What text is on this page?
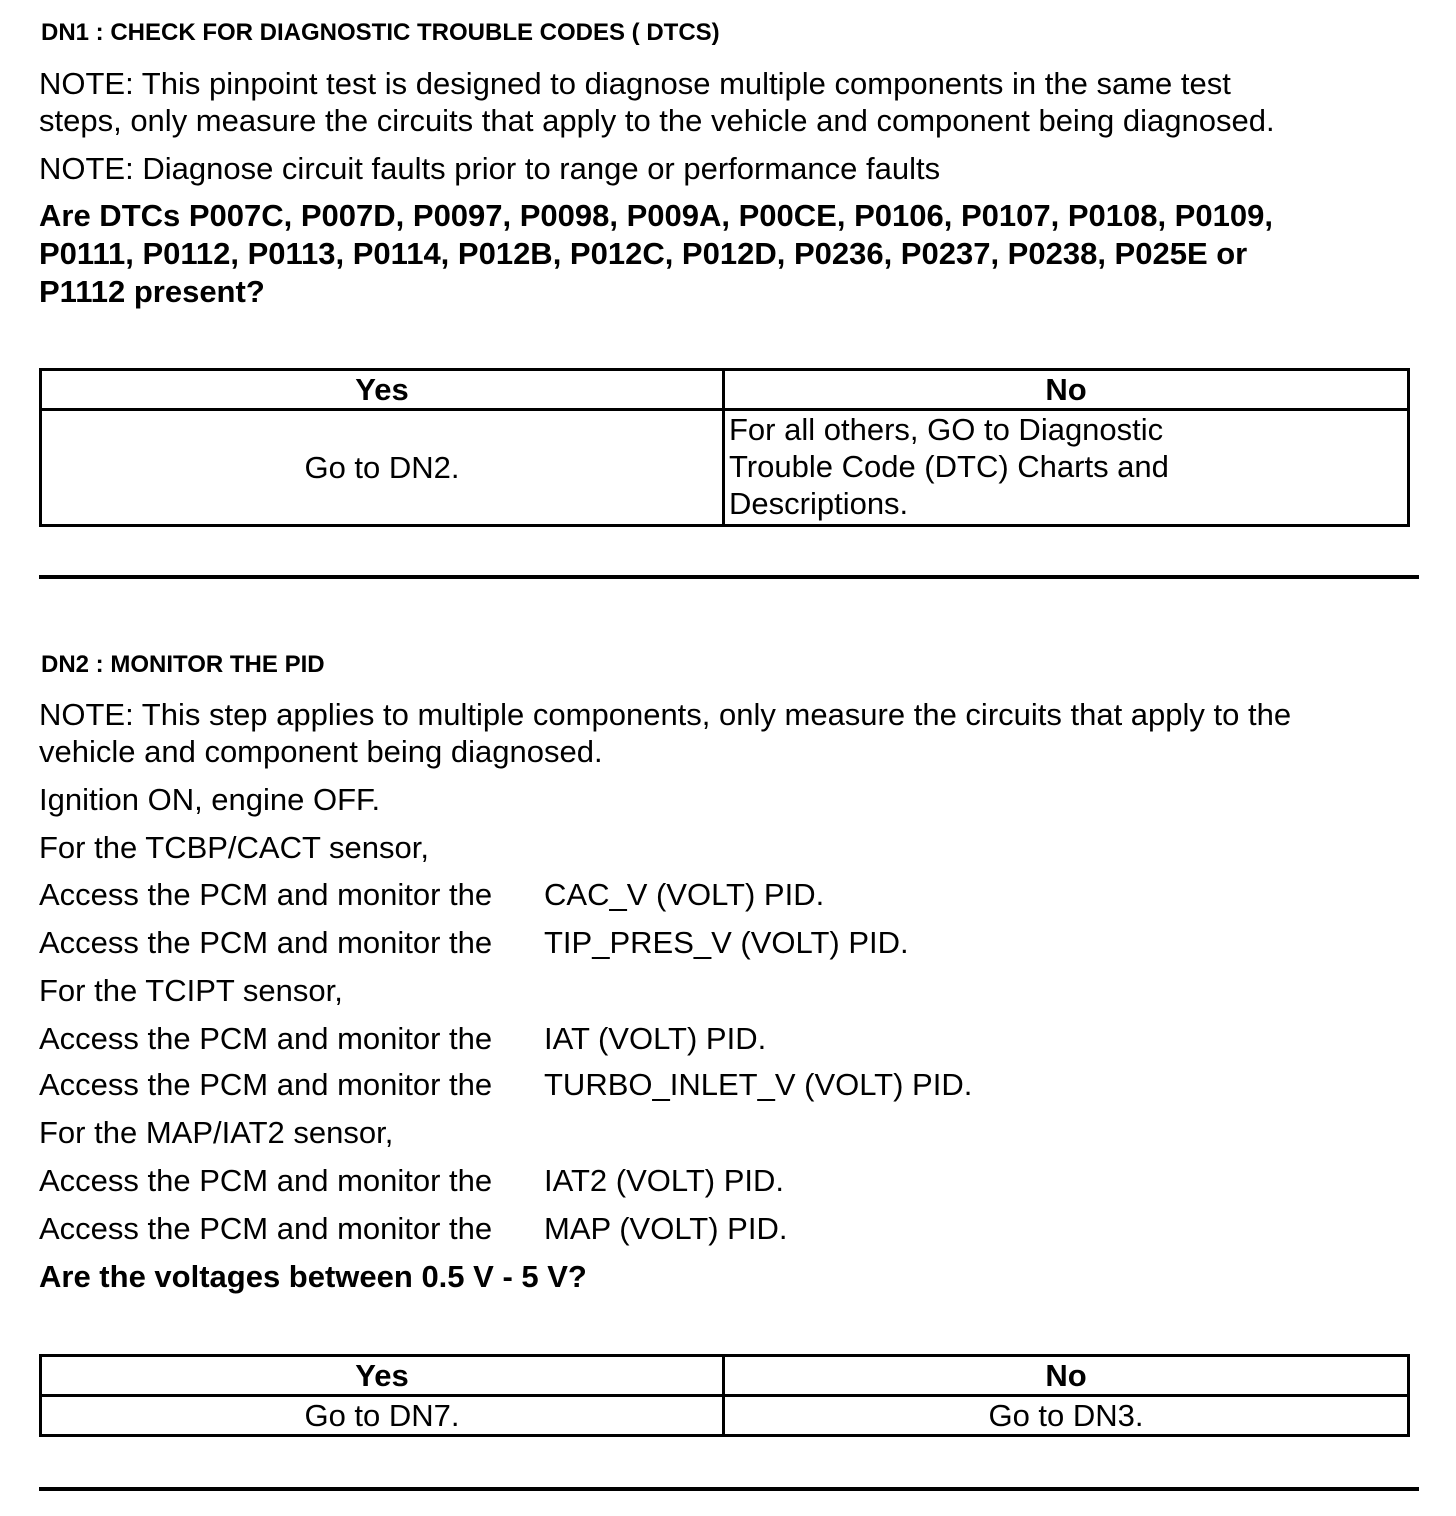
DN1 : CHECK FOR DIAGNOSTIC TROUBLE CODES ( DTCS)
NOTE: This pinpoint test is designed to diagnose multiple components in the same test
steps, only measure the circuits that apply to the vehicle and component being diagnosed.
NOTE: Diagnose circuit faults prior to range or performance faults
Are DTCs P007C, P007D, P0097, P0098, P009A, P00CE, P0106, P0107, P0108, P0109,
P0111, P0112, P0113, P0114, P012B, P012C, P012D, P0236, P0237, P0238, P025E or
P1112 present?
Yes	No
Go to DN2.	For all others, GO to Diagnostic
Trouble Code (DTC) Charts and
Descriptions.
DN2 : MONITOR THE PID
NOTE: This step applies to multiple components, only measure the circuits that apply to the
vehicle and component being diagnosed.
Ignition ON, engine OFF.
For the TCBP/CACT sensor,
Access the PCM and monitor the CAC_V (VOLT) PID.
Access the PCM and monitor the TIP_PRES_V (VOLT) PID.
For the TCIPT sensor,
Access the PCM and monitor the IAT (VOLT) PID.
Access the PCM and monitor the TURBO_INLET_V (VOLT) PID.
For the MAP/IAT2 sensor,
Access the PCM and monitor the IAT2 (VOLT) PID.
Access the PCM and monitor the MAP (VOLT) PID.
Are the voltages between 0.5 V - 5 V?
Yes	No
Go to DN7.	Go to DN3.
